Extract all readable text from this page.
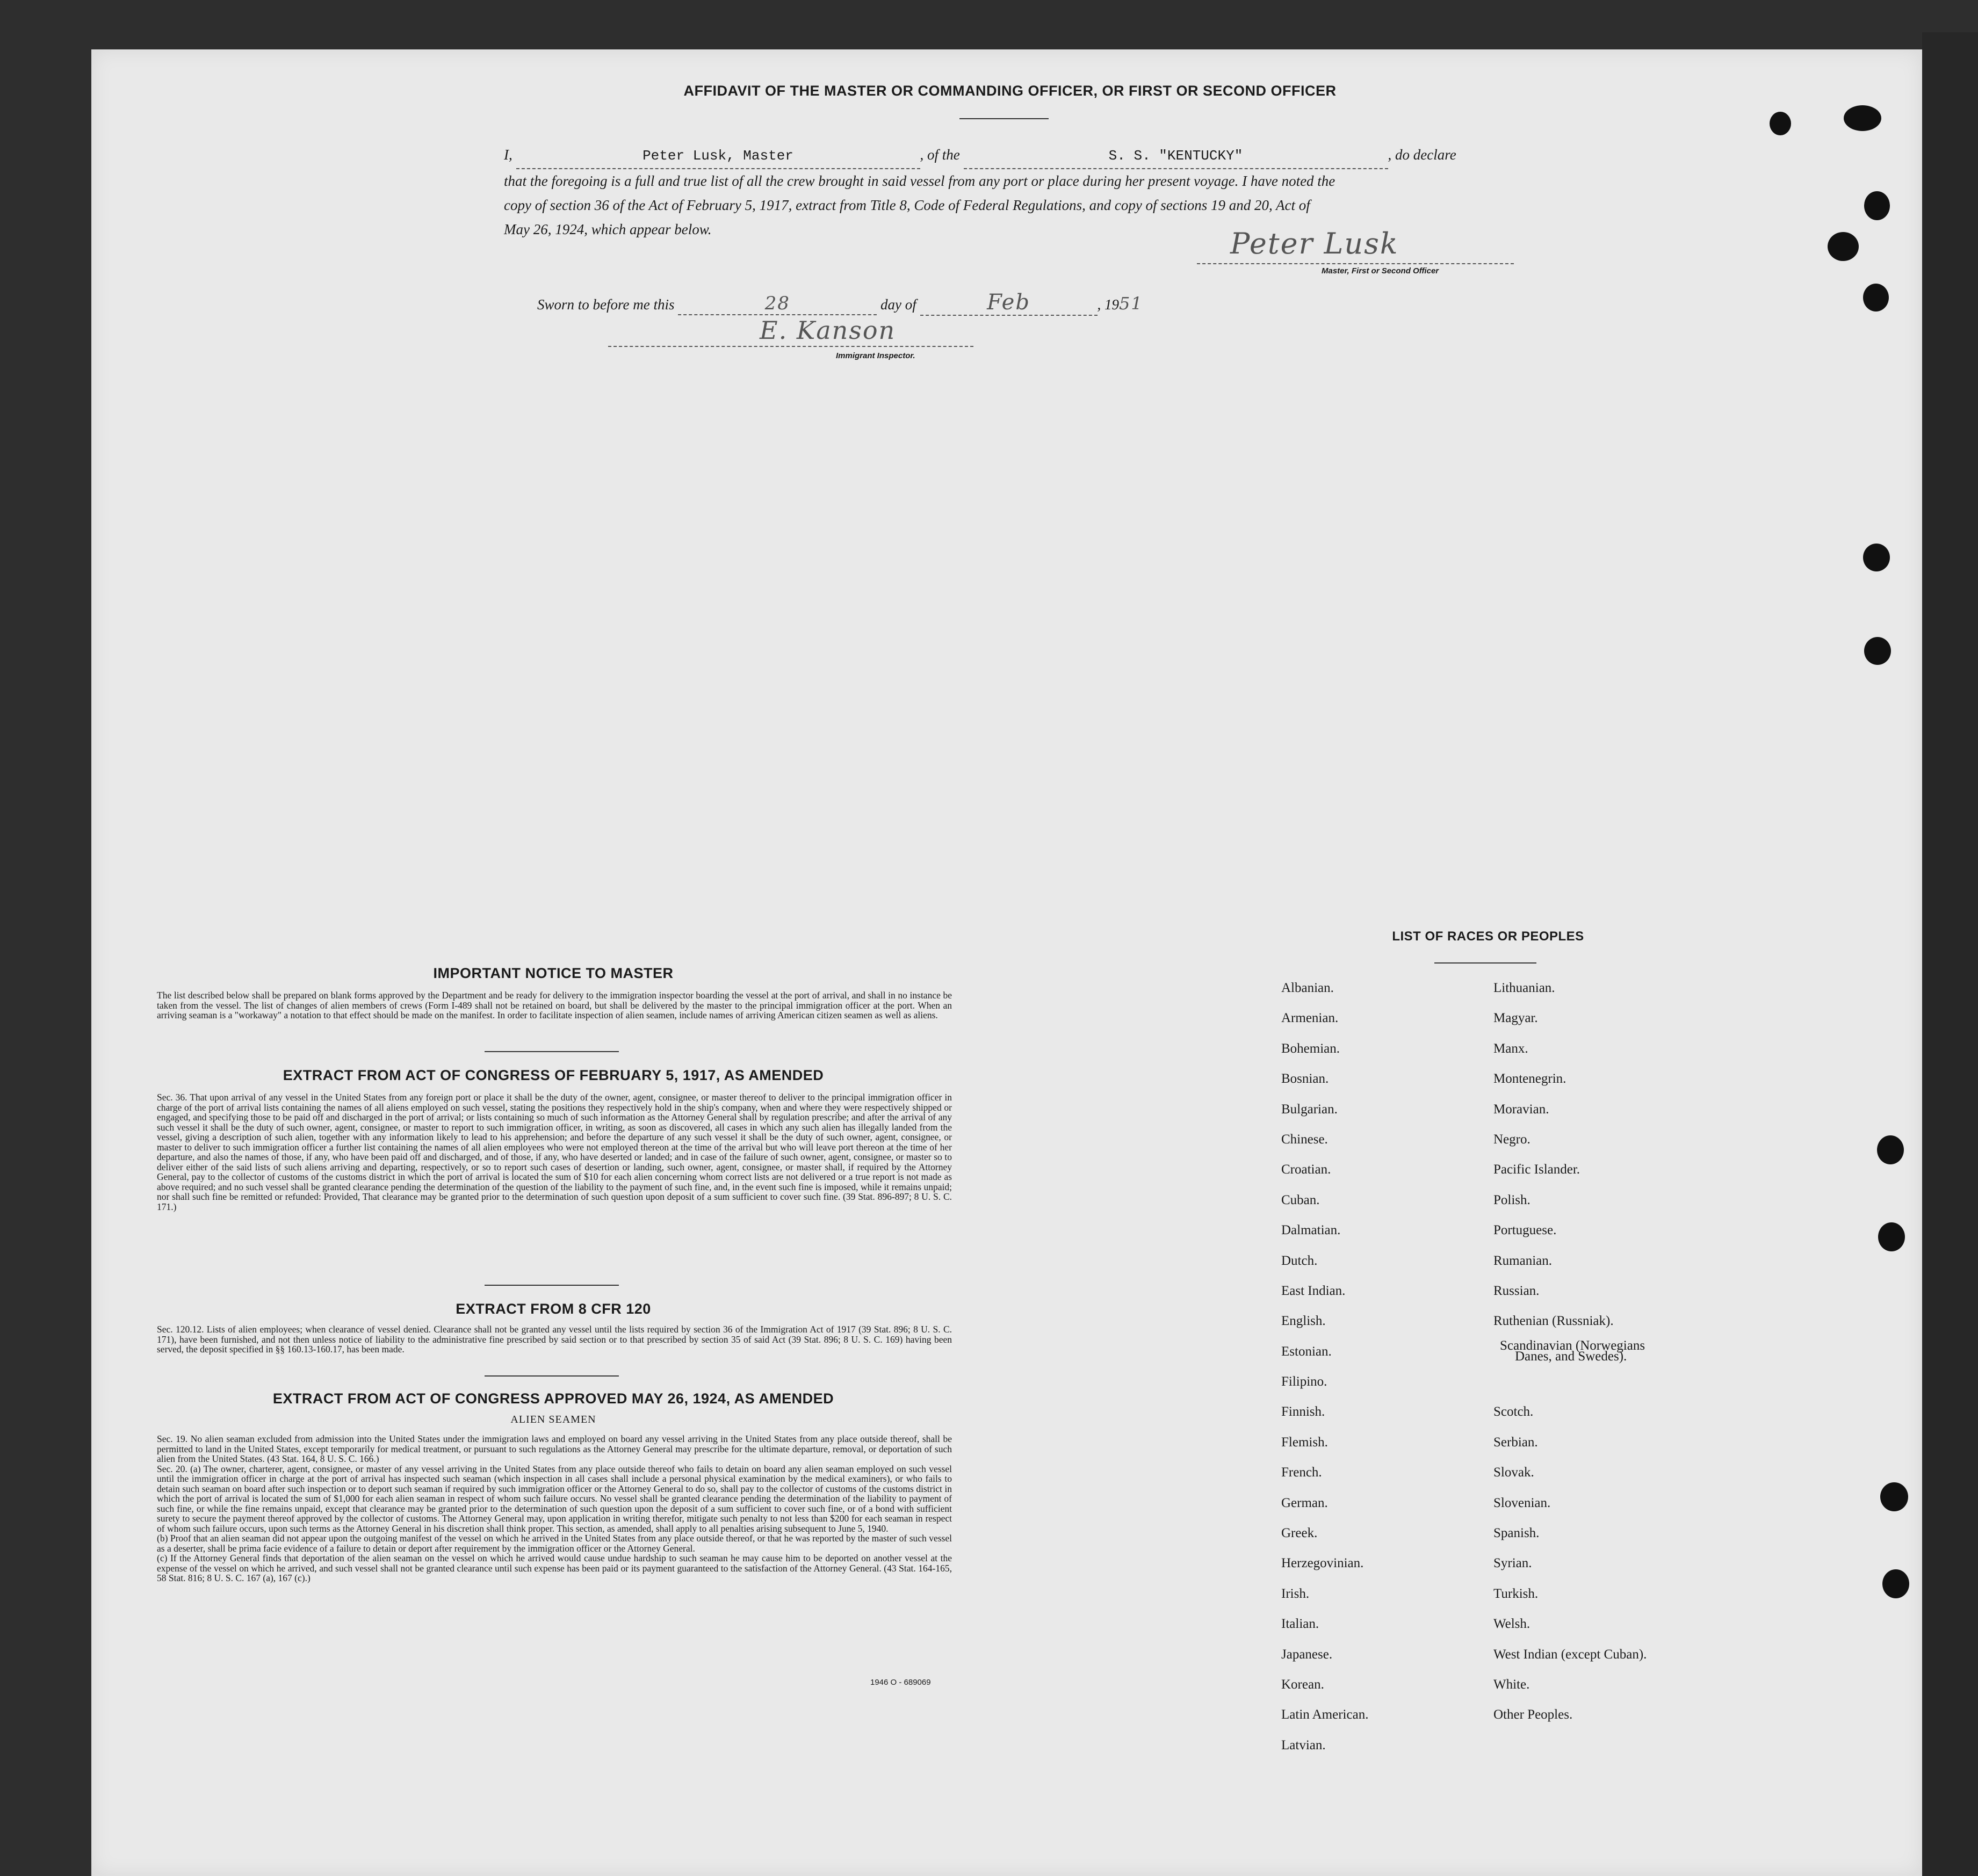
AFFIDAVIT OF THE MASTER OR COMMANDING OFFICER, OR FIRST OR SECOND OFFICER
I,	Peter Lusk, Master	, of the	S. S. "KENTUCKY"	, do declare
that the foregoing is a full and true list of all the crew brought in said vessel from any port or place during her present voyage. I have noted the
copy of section 36 of the Act of February 5, 1917, extract from Title 8, Code of Federal Regulations, and copy of sections 19 and 20, Act of
May 26, 1924, which appear below.	Peter Lusk
Master, First or Second Officer
Sworn to before me this	28	day of	Feb	, 1951
E. Kanson
Immigrant Inspector.
IMPORTANT NOTICE TO MASTER
The list described below shall be prepared on blank forms approved by the Department and be ready for delivery to the immigration inspector boarding the vessel at the port of arrival, and shall in no instance be taken from the vessel. The list of changes of alien members of crews (Form I-489 shall not be retained on board, but shall be delivered by the master to the principal immigration officer at the port. When an arriving seaman is a "workaway" a notation to that effect should be made on the manifest. In order to facilitate inspection of alien seamen, include names of arriving American citizen seamen as well as aliens.
EXTRACT FROM ACT OF CONGRESS OF FEBRUARY 5, 1917, AS AMENDED
Sec. 36. That upon arrival of any vessel in the United States from any foreign port or place it shall be the duty of the owner, agent, consignee, or master thereof to deliver to the principal immigration officer in charge of the port of arrival lists containing the names of all aliens employed on such vessel, stating the positions they respectively hold in the ship's company, when and where they were respectively shipped or engaged, and specifying those to be paid off and discharged in the port of arrival; or lists containing so much of such information as the Attorney General shall by regulation prescribe; and after the arrival of any such vessel it shall be the duty of such owner, agent, consignee, or master to report to such immigration officer, in writing, as soon as discovered, all cases in which any such alien has illegally landed from the vessel, giving a description of such alien, together with any information likely to lead to his apprehension; and before the departure of any such vessel it shall be the duty of such owner, agent, consignee, or master to deliver to such immigration officer a further list containing the names of all alien employees who were not employed thereon at the time of the arrival but who will leave port thereon at the time of her departure, and also the names of those, if any, who have been paid off and discharged, and of those, if any, who have deserted or landed; and in case of the failure of such owner, agent, consignee, or master so to deliver either of the said lists of such aliens arriving and departing, respectively, or so to report such cases of desertion or landing, such owner, agent, consignee, or master shall, if required by the Attorney General, pay to the collector of customs of the customs district in which the port of arrival is located the sum of $10 for each alien concerning whom correct lists are not delivered or a true report is not made as above required; and no such vessel shall be granted clearance pending the determination of the question of the liability to the payment of such fine, and, in the event such fine is imposed, while it remains unpaid; nor shall such fine be remitted or refunded: Provided, That clearance may be granted prior to the determination of such question upon deposit of a sum sufficient to cover such fine. (39 Stat. 896-897; 8 U. S. C. 171.)
EXTRACT FROM 8 CFR 120
Sec. 120.12. Lists of alien employees; when clearance of vessel denied. Clearance shall not be granted any vessel until the lists required by section 36 of the Immigration Act of 1917 (39 Stat. 896; 8 U. S. C. 171), have been furnished, and not then unless notice of liability to the administrative fine prescribed by said section or to that prescribed by section 35 of said Act (39 Stat. 896; 8 U. S. C. 169) having been served, the deposit specified in §§ 160.13-160.17, has been made.
EXTRACT FROM ACT OF CONGRESS APPROVED MAY 26, 1924, AS AMENDED
ALIEN SEAMEN
Sec. 19. No alien seaman excluded from admission into the United States under the immigration laws and employed on board any vessel arriving in the United States from any place outside thereof, shall be permitted to land in the United States, except temporarily for medical treatment, or pursuant to such regulations as the Attorney General may prescribe for the ultimate departure, removal, or deportation of such alien from the United States. (43 Stat. 164, 8 U. S. C. 166.)
Sec. 20. (a) The owner, charterer, agent, consignee, or master of any vessel arriving in the United States from any place outside thereof who fails to detain on board any alien seaman employed on such vessel until the immigration officer in charge at the port of arrival has inspected such seaman (which inspection in all cases shall include a personal physical examination by the medical examiners), or who fails to detain such seaman on board after such inspection or to deport such seaman if required by such immigration officer or the Attorney General to do so, shall pay to the collector of customs of the customs district in which the port of arrival is located the sum of $1,000 for each alien seaman in respect of whom such failure occurs. No vessel shall be granted clearance pending the determination of the liability to payment of such fine, or while the fine remains unpaid, except that clearance may be granted prior to the determination of such question upon the deposit of a sum sufficient to cover such fine, or of a bond with sufficient surety to secure the payment thereof approved by the collector of customs. The Attorney General may, upon application in writing therefor, mitigate such penalty to not less than $200 for each seaman in respect of whom such failure occurs, upon such terms as the Attorney General in his discretion shall think proper. This section, as amended, shall apply to all penalties arising subsequent to June 5, 1940.
(b) Proof that an alien seaman did not appear upon the outgoing manifest of the vessel on which he arrived in the United States from any place outside thereof, or that he was reported by the master of such vessel as a deserter, shall be prima facie evidence of a failure to detain or deport after requirement by the immigration officer or the Attorney General.
(c) If the Attorney General finds that deportation of the alien seaman on the vessel on which he arrived would cause undue hardship to such seaman he may cause him to be deported on another vessel at the expense of the vessel on which he arrived, and such vessel shall not be granted clearance until such expense has been paid or its payment guaranteed to the satisfaction of the Attorney General. (43 Stat. 164-165, 58 Stat. 816; 8 U. S. C. 167 (a), 167 (c).)
1946 O - 689069
LIST OF RACES OR PEOPLES
Albanian.
Armenian.
Bohemian.
Bosnian.
Bulgarian.
Chinese.
Croatian.
Cuban.
Dalmatian.
Dutch.
East Indian.
English.
Estonian.
Filipino.
Finnish.
Flemish.
French.
German.
Greek.
Herzegovinian.
Irish.
Italian.
Japanese.
Korean.
Latin American.
Latvian.
Lithuanian.
Magyar.
Manx.
Montenegrin.
Moravian.
Negro.
Pacific Islander.
Polish.
Portuguese.
Rumanian.
Russian.
Ruthenian (Russniak).
Scandinavian (Norwegians
Danes, and Swedes).
Scotch.
Serbian.
Slovak.
Slovenian.
Spanish.
Syrian.
Turkish.
Welsh.
West Indian (except Cuban).
White.
Other Peoples.
